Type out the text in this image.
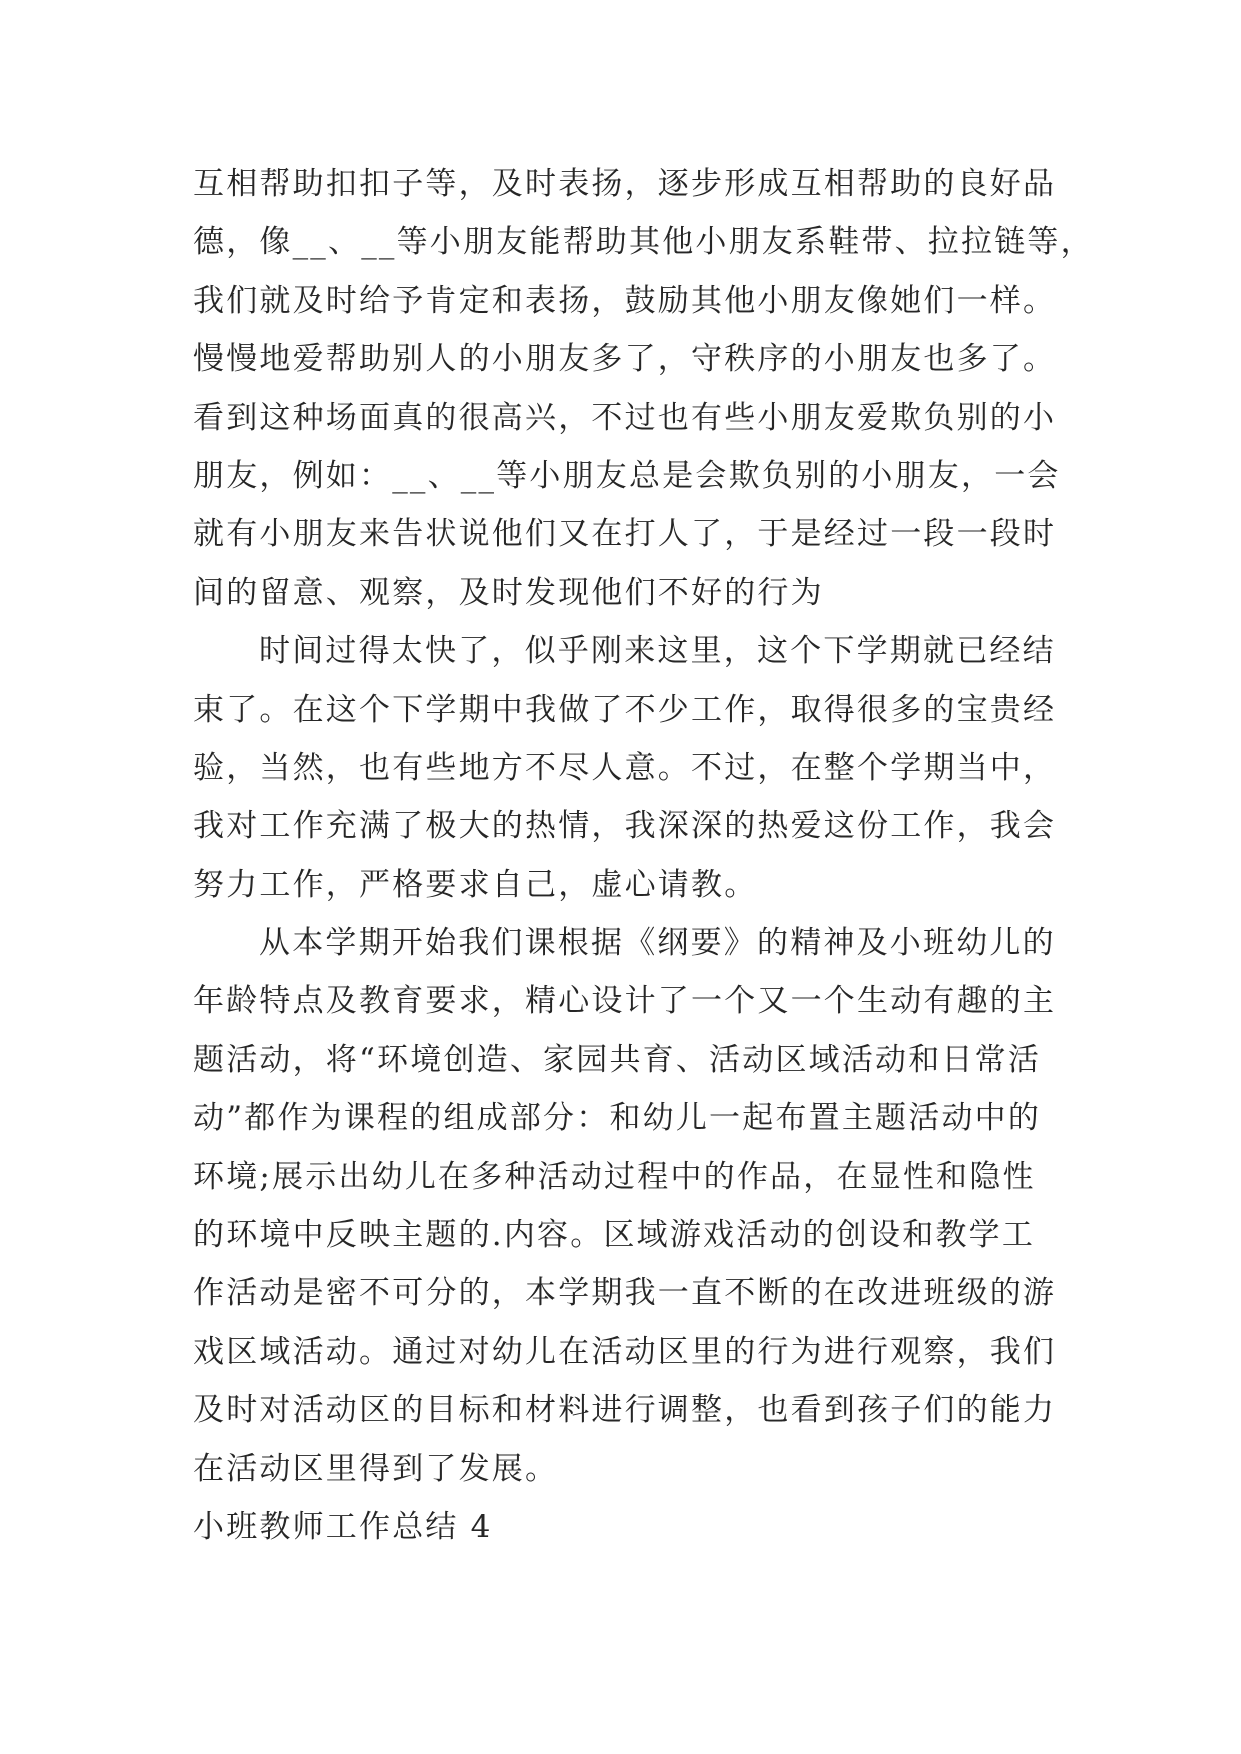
互相帮助扣扣子等，及时表扬，逐步形成互相帮助的良好品
德，像__、__等小朋友能帮助其他小朋友系鞋带、拉拉链等，
我们就及时给予肯定和表扬，鼓励其他小朋友像她们一样。
慢慢地爱帮助别人的小朋友多了，守秩序的小朋友也多了。
看到这种场面真的很高兴，不过也有些小朋友爱欺负别的小
朋友，例如：__、__等小朋友总是会欺负别的小朋友，一会
就有小朋友来告状说他们又在打人了，于是经过一段一段时
间的留意、观察，及时发现他们不好的行为
时间过得太快了，似乎刚来这里，这个下学期就已经结
束了。在这个下学期中我做了不少工作，取得很多的宝贵经
验，当然，也有些地方不尽人意。不过，在整个学期当中，
我对工作充满了极大的热情，我深深的热爱这份工作，我会
努力工作，严格要求自己，虚心请教。
从本学期开始我们课根据《纲要》的精神及小班幼儿的
年龄特点及教育要求，精心设计了一个又一个生动有趣的主
题活动，将“环境创造、家园共育、活动区域活动和日常活
动”都作为课程的组成部分：和幼儿一起布置主题活动中的
环境;展示出幼儿在多种活动过程中的作品，在显性和隐性
的环境中反映主题的.内容。区域游戏活动的创设和教学工
作活动是密不可分的，本学期我一直不断的在改进班级的游
戏区域活动。通过对幼儿在活动区里的行为进行观察，我们
及时对活动区的目标和材料进行调整，也看到孩子们的能力
在活动区里得到了发展。
小班教师工作总结 4
